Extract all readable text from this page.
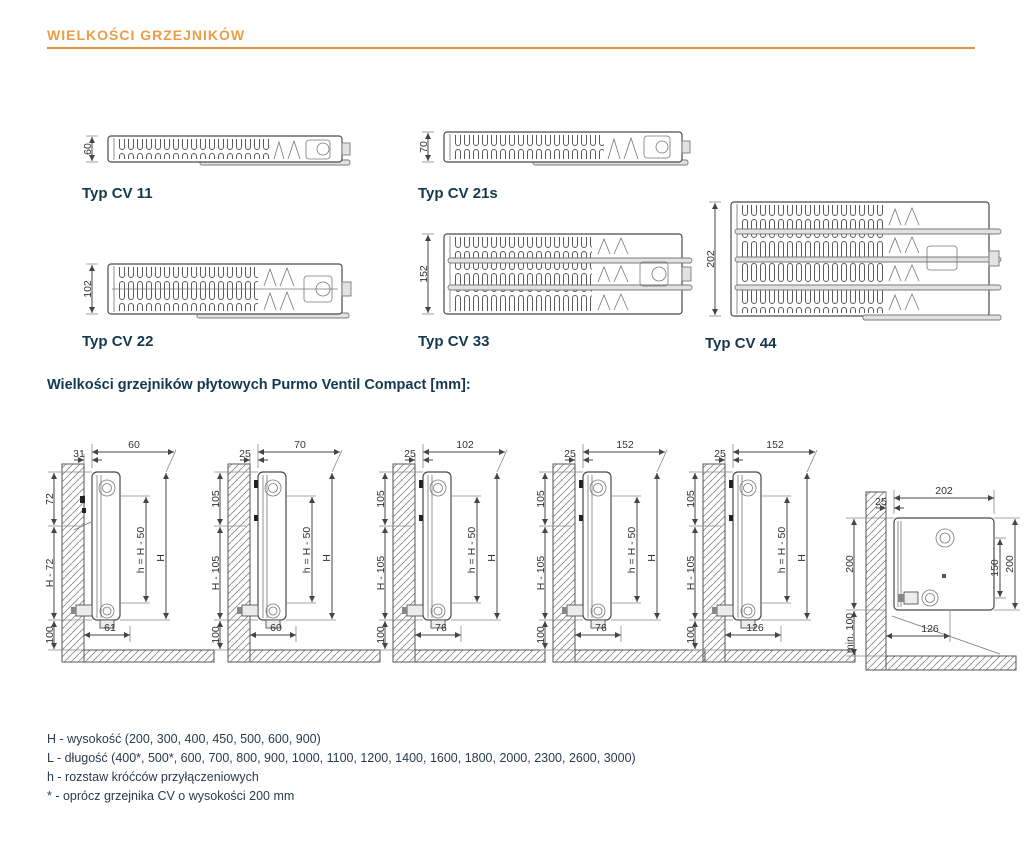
WIELKOŚCI GRZEJNIKÓW
60
Typ CV 11
70
Typ CV 21s
102
Typ CV 22
152
Typ CV 33
202
Typ CV 44
Wielkości grzejników płytowych Purmo Ventil Compact [mm]:
60
31
72
H - 72
100
h = H - 50 H
61
70
25
105
H - 105
100
h = H - 50 H
60
102
25
105
H - 105
100
h = H - 50 H
76
152
25
105
H - 105
100
h = H - 50 H
76
152
25
105
H - 105
100
h = H - 50 H
126
202
25
150 200
200
min. 100	126
H - wysokość (200, 300, 400, 450, 500, 600, 900)
L - długość (400*, 500*, 600, 700, 800, 900, 1000, 1100, 1200, 1400, 1600, 1800, 2000, 2300, 2600, 3000)
h - rozstaw króćców przyłączeniowych
* - oprócz grzejnika CV o wysokości 200 mm
